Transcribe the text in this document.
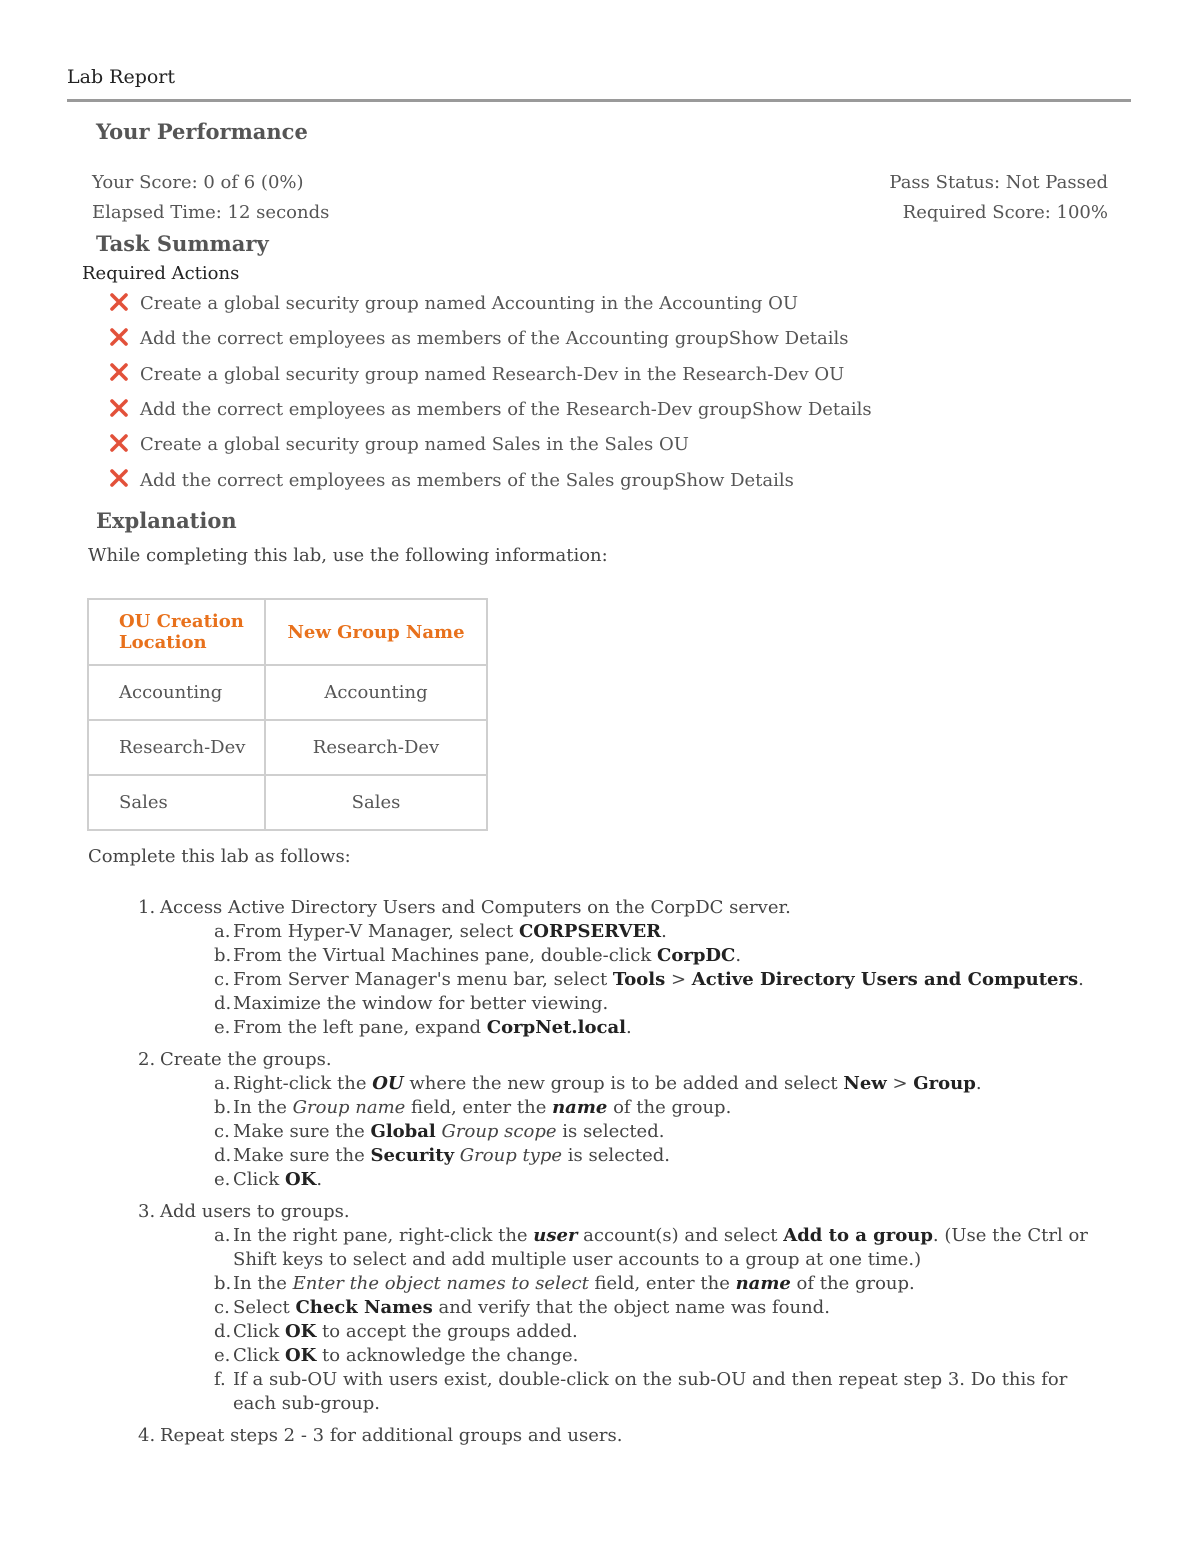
Lab Report
Your Performance
Your Score: 0 of 6 (0%)	Pass Status: Not Passed
Elapsed Time: 12 seconds	Required Score: 100%
Task Summary
Required Actions
Create a global security group named Accounting in the Accounting OU
Add the correct employees as members of the Accounting group Show Details
Create a global security group named Research-Dev in the Research-Dev OU
Add the correct employees as members of the Research-Dev group Show Details
Create a global security group named Sales in the Sales OU
Add the correct employees as members of the Sales group Show Details
Explanation
While completing this lab, use the following information:
OU Creation Location	New Group Name
Accounting	Accounting
Research-Dev	Research-Dev
Sales	Sales
Complete this lab as follows:
1. Access Active Directory Users and Computers on the CorpDC server.
a. From Hyper-V Manager, select CORPSERVER.
b. From the Virtual Machines pane, double-click CorpDC.
c. From Server Manager's menu bar, select Tools > Active Directory Users and Computers.
d. Maximize the window for better viewing.
e. From the left pane, expand CorpNet.local.
2. Create the groups.
a. Right-click the OU where the new group is to be added and select New > Group.
b. In the Group name field, enter the name of the group.
c. Make sure the Global Group scope is selected.
d. Make sure the Security Group type is selected.
e. Click OK.
3. Add users to groups.
a. In the right pane, right-click the user account(s) and select Add to a group. (Use the Ctrl or Shift keys to select and add multiple user accounts to a group at one time.)
b. In the Enter the object names to select field, enter the name of the group.
c. Select Check Names and verify that the object name was found.
d. Click OK to accept the groups added.
e. Click OK to acknowledge the change.
f. If a sub-OU with users exist, double-click on the sub-OU and then repeat step 3. Do this for each sub-group.
4. Repeat steps 2 - 3 for additional groups and users.
